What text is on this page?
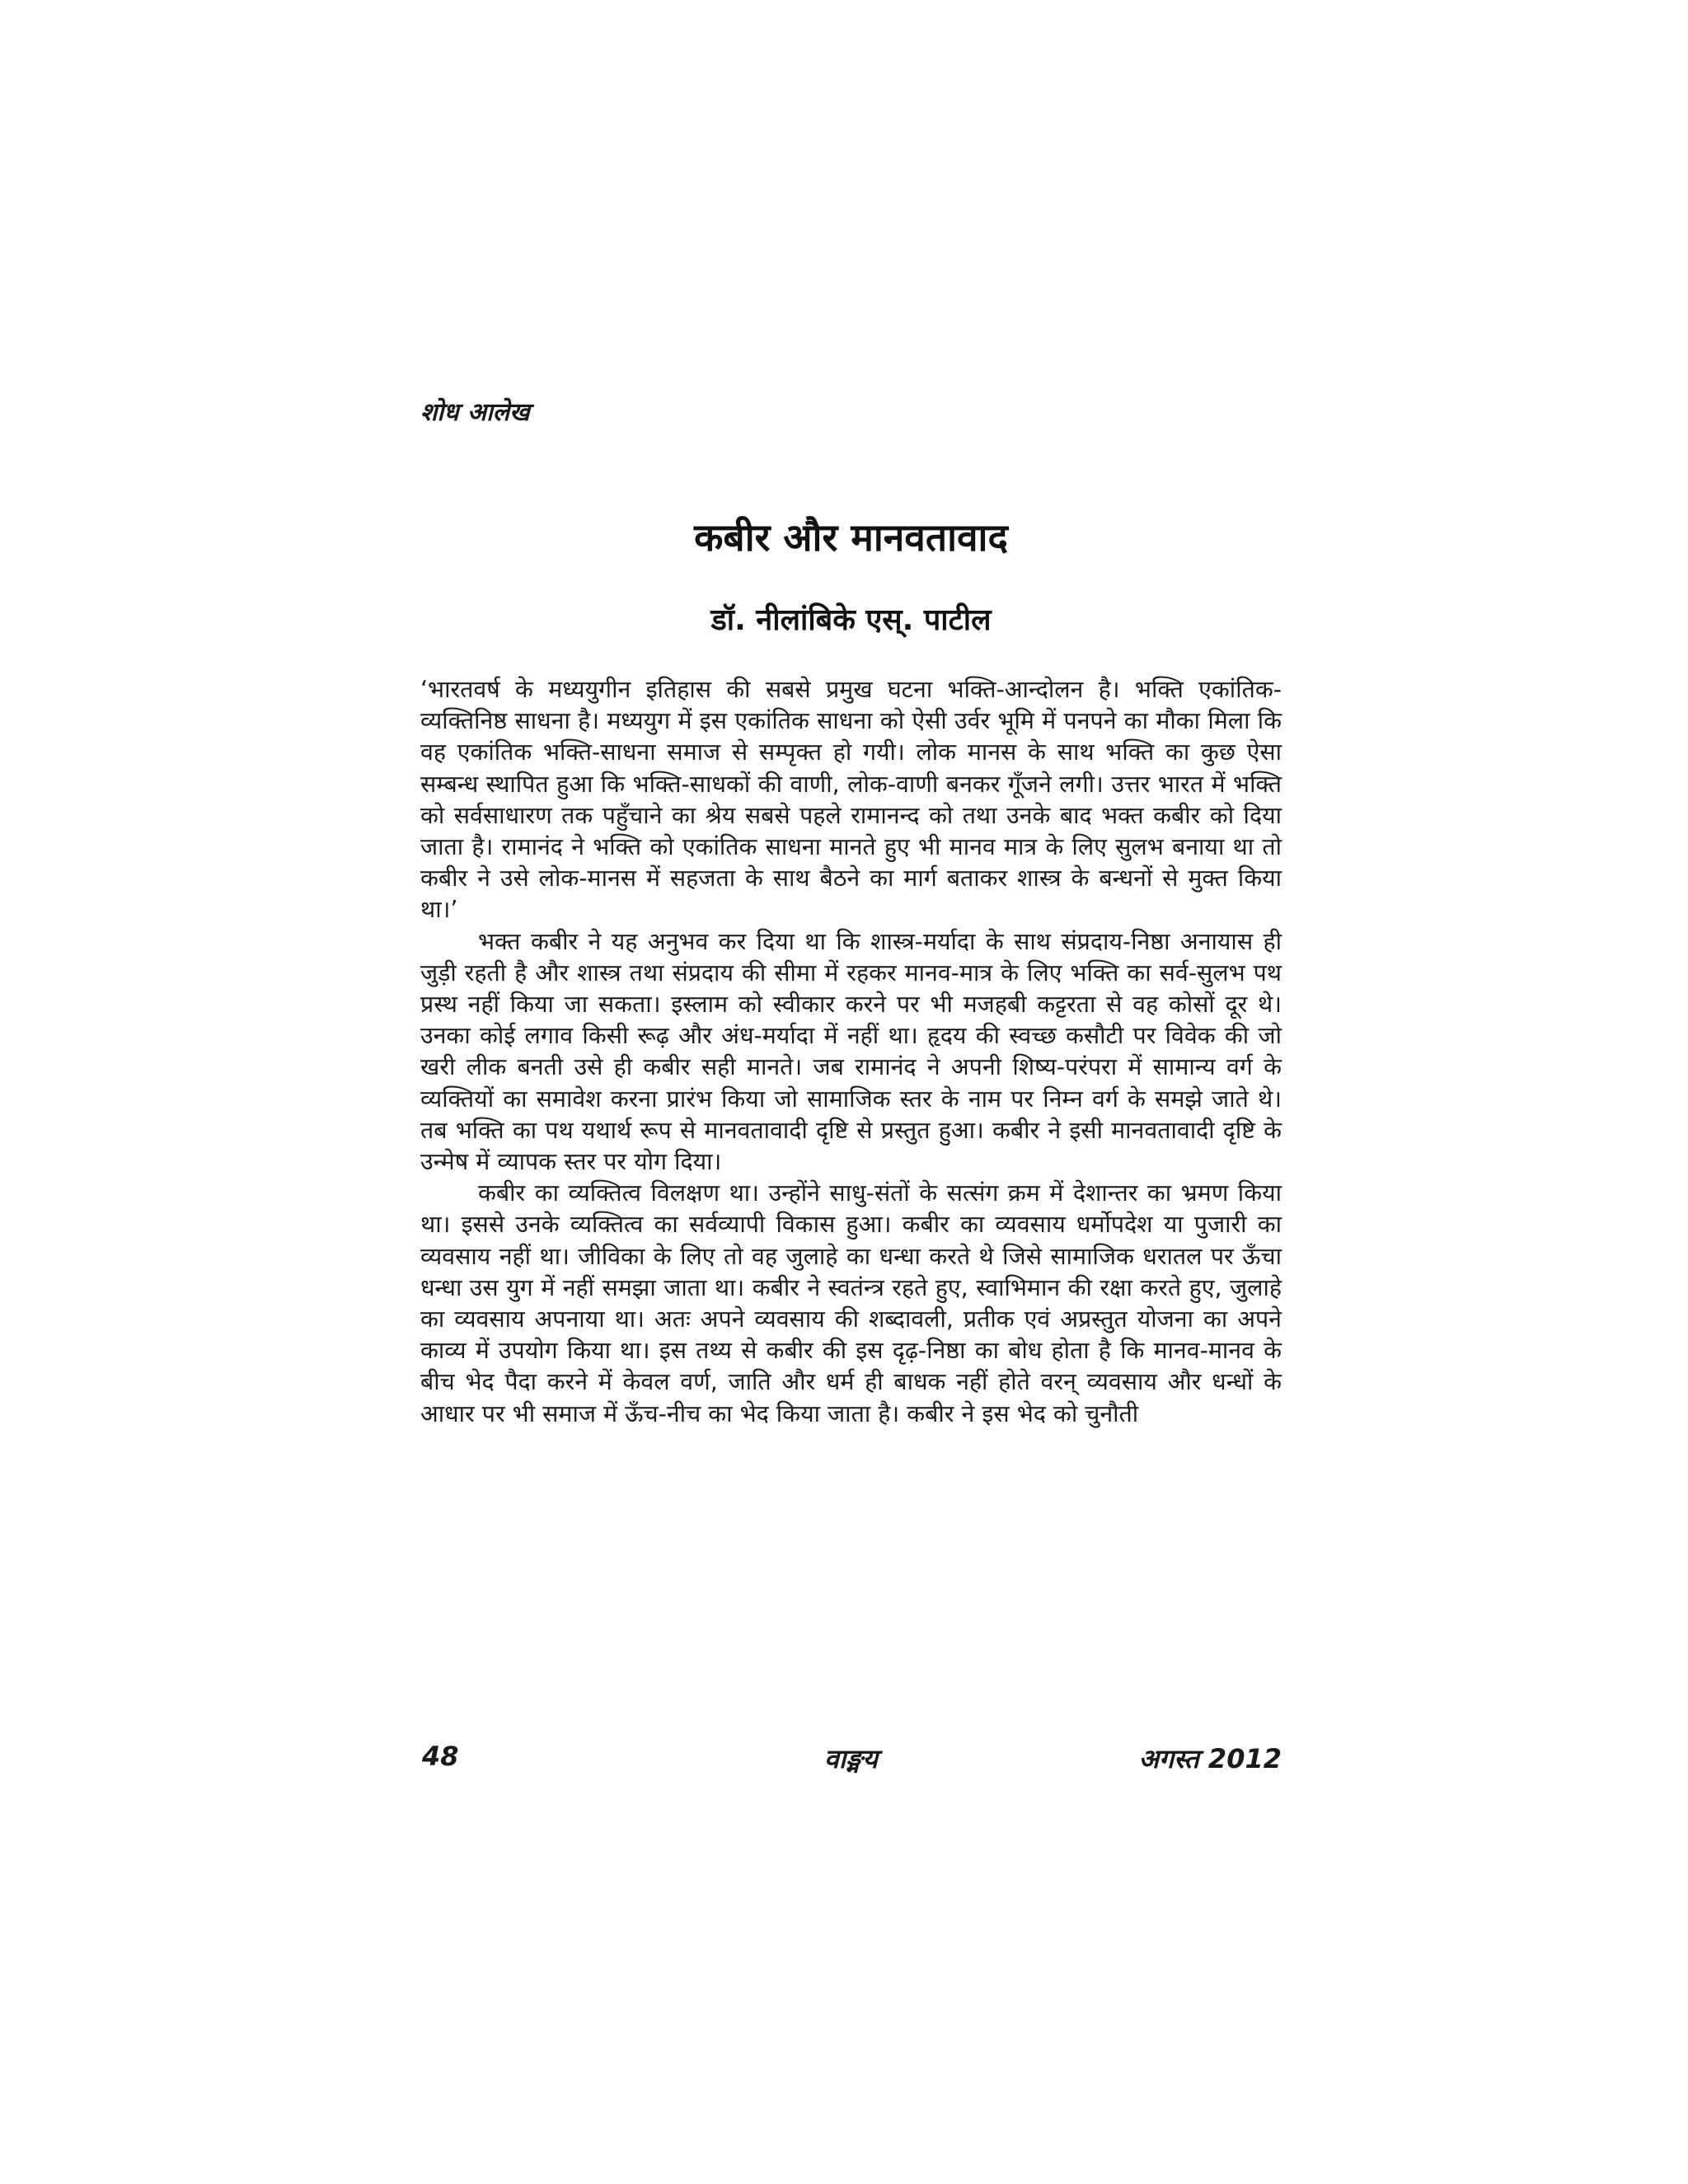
शोध आलेख
कबीर और मानवतावाद
डॉ. नीलांबिके एस्. पाटील

‘भारतवर्ष के मध्ययुगीन इतिहास की सबसे प्रमुख घटना भक्ति-आन्दोलन है। भक्ति एकांतिक-व्यक्तिनिष्ठ साधना है। मध्ययुग में इस एकांतिक साधना को ऐसी उर्वर भूमि में पनपने का मौका मिला कि वह एकांतिक भक्ति-साधना समाज से सम्पृक्त हो गयी। लोक मानस के साथ भक्ति का कुछ ऐसा सम्बन्ध स्थापित हुआ कि भक्ति-साधकों की वाणी, लोक-वाणी बनकर गूँजने लगी। उत्तर भारत में भक्ति को सर्वसाधारण तक पहुँचाने का श्रेय सबसे पहले रामानन्द को तथा उनके बाद भक्त कबीर को दिया जाता है। रामानंद ने भक्ति को एकांतिक साधना मानते हुए भी मानव मात्र के लिए सुलभ बनाया था तो कबीर ने उसे लोक-मानस में सहजता के साथ बैठने का मार्ग बताकर शास्त्र के बन्धनों से मुक्त किया था।’

भक्त कबीर ने यह अनुभव कर दिया था कि शास्त्र-मर्यादा के साथ संप्रदाय-निष्ठा अनायास ही जुड़ी रहती है और शास्त्र तथा संप्रदाय की सीमा में रहकर मानव-मात्र के लिए भक्ति का सर्व-सुलभ पथ प्रस्थ नहीं किया जा सकता। इस्लाम को स्वीकार करने पर भी मजहबी कट्टरता से वह कोसों दूर थे। उनका कोई लगाव किसी रूढ़ और अंध-मर्यादा में नहीं था। हृदय की स्वच्छ कसौटी पर विवेक की जो खरी लीक बनती उसे ही कबीर सही मानते। जब रामानंद ने अपनी शिष्य-परंपरा में सामान्य वर्ग के व्यक्तियों का समावेश करना प्रारंभ किया जो सामाजिक स्तर के नाम पर निम्न वर्ग के समझे जाते थे। तब भक्ति का पथ यथार्थ रूप से मानवतावादी दृष्टि से प्रस्तुत हुआ। कबीर ने इसी मानवतावादी दृष्टि के उन्मेष में व्यापक स्तर पर योग दिया।

कबीर का व्यक्तित्व विलक्षण था। उन्होंने साधु-संतों के सत्संग क्रम में देशान्तर का भ्रमण किया था। इससे उनके व्यक्तित्व का सर्वव्यापी विकास हुआ। कबीर का व्यवसाय धर्मोपदेश या पुजारी का व्यवसाय नहीं था। जीविका के लिए तो वह जुलाहे का धन्धा करते थे जिसे सामाजिक धरातल पर ऊँचा धन्धा उस युग में नहीं समझा जाता था। कबीर ने स्वतंन्त्र रहते हुए, स्वाभिमान की रक्षा करते हुए, जुलाहे का व्यवसाय अपनाया था। अतः अपने व्यवसाय की शब्दावली, प्रतीक एवं अप्रस्तुत योजना का अपने काव्य में उपयोग किया था। इस तथ्य से कबीर की इस दृढ़-निष्ठा का बोध होता है कि मानव-मानव के बीच भेद पैदा करने में केवल वर्ण, जाति और धर्म ही बाधक नहीं होते वरन् व्यवसाय और धन्धों के आधार पर भी समाज में ऊँच-नीच का भेद किया जाता है। कबीर ने इस भेद को चुनौती

48	वाङ्मय	अगस्त 2012
